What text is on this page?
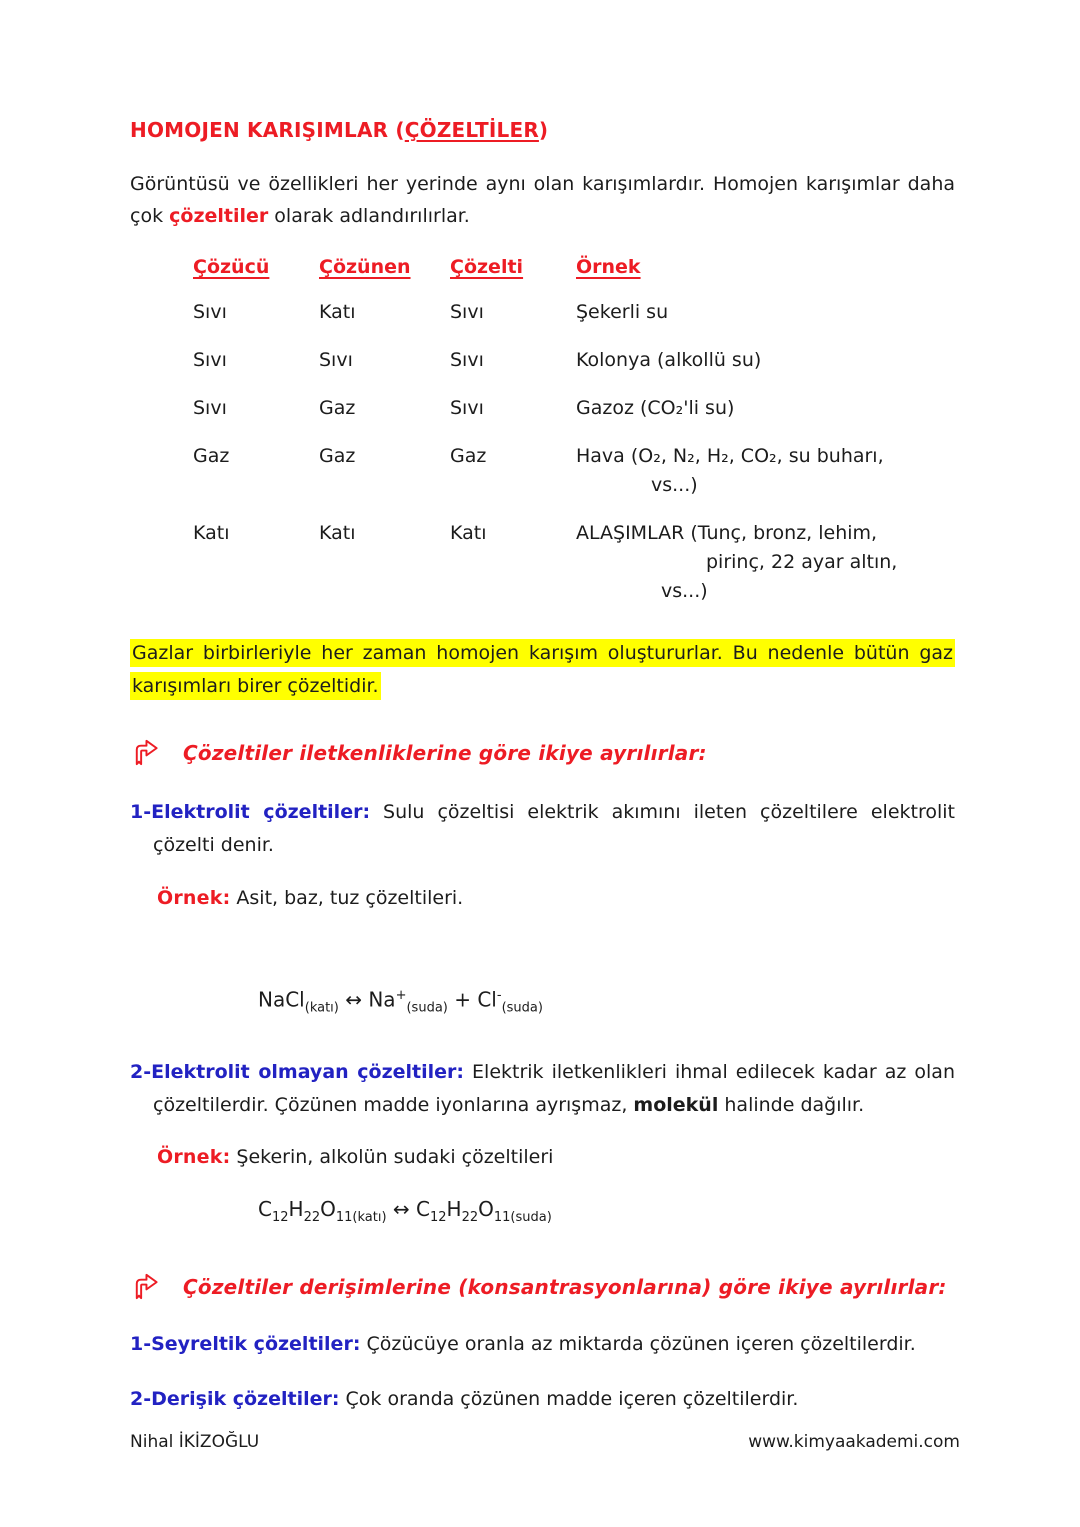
HOMOJEN KARIŞIMLAR (ÇÖZELTİLER)

Görüntüsü ve özellikleri her yerinde aynı olan karışımlardır. Homojen karışımlar daha çok çözeltiler olarak adlandırılırlar.

Çözücü	Çözünen	Çözelti	Örnek
Sıvı	Katı	Sıvı	Şekerli su
Sıvı	Sıvı	Sıvı	Kolonya (alkollü su)
Sıvı	Gaz	Sıvı	Gazoz (CO₂'li su)
Gaz	Gaz	Gaz	Hava (O₂, N₂, H₂, CO₂, su buharı,
vs...)

Katı	Katı	Katı	ALAŞIMLAR (Tunç, bronz, lehim,
pirinç, 22 ayar altın,
vs...)

Gazlar birbirleriyle her zaman homojen karışım oluştururlar. Bu nedenle bütün gaz karışımları birer çözeltidir.

Çözeltiler iletkenliklerine göre ikiye ayrılırlar:

1-Elektrolit çözeltiler: Sulu çözeltisi elektrik akımını ileten çözeltilere elektrolit çözelti denir.

Örnek: Asit, baz, tuz çözeltileri.

NaCl$_{(katı)}$ ↔ $Na^+_{(suda)} + Cl^-_{(suda)}$

2-Elektrolit olmayan çözeltiler: Elektrik iletkenlikleri ihmal edilecek kadar az olan çözeltilerdir. Çözünen madde iyonlarına ayrışmaz, molekül halinde dağılır.

Örnek: Şekerin, alkolün sudaki çözeltileri

$C_{12}H_{22}O_{11(katı)}$ ↔ $C_{12}H_{22}O_{11(suda)}$
Çözeltiler derişimlerine (konsantrasyonlarına) göre ikiye ayrılırlar:

1-Seyreltik çözeltiler: Çözücüye oranla az miktarda çözünen içeren çözeltilerdir.

2-Derişik çözeltiler: Çok oranda çözünen madde içeren çözeltilerdir.

Nihal İKİZOĞLU	www.kimyaakademi.com
